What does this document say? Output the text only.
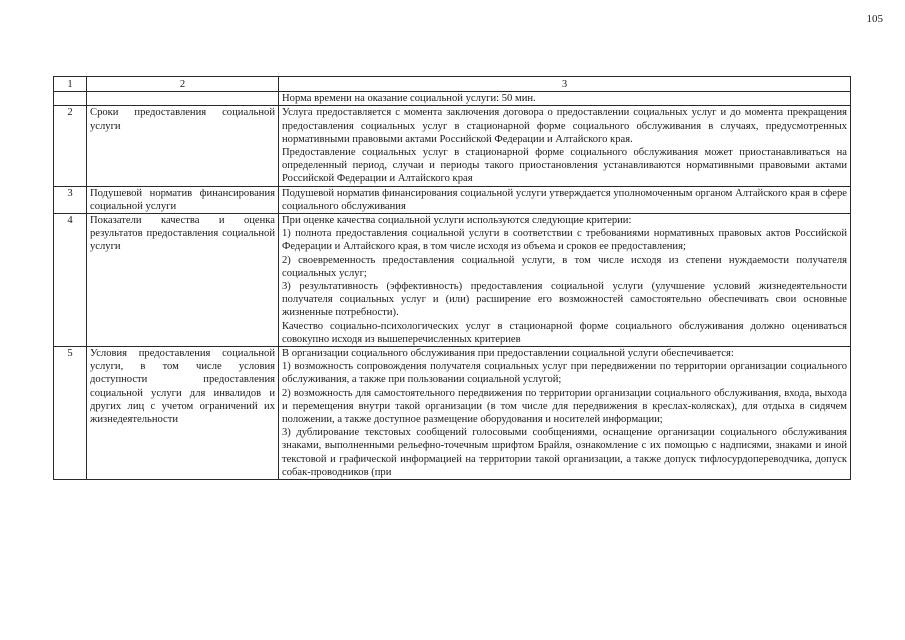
105
1	2	3
		Норма времени на оказание социальной услуги: 50 мин.
2	Сроки предоставления социальной услуги	Услуга предоставляется с момента заключения договора о предоставлении социальных услуг и до момента прекращения предоставления социальных услуг в стационарной форме социального обслуживания в случаях, предусмотренных нормативными правовыми актами Российской Федерации и Алтайского края.
Предоставление социальных услуг в стационарной форме социального обслуживания может приостанавливаться на определенный период, случаи и периоды такого приостановления устанавливаются нормативными правовыми актами Российской Федерации и Алтайского края

3	Подушевой норматив финансирования социальной услуги	Подушевой норматив финансирования социальной услуги утверждается уполномоченным органом Алтайского края в сфере социального обслуживания

4	Показатели качества и оценка результатов предоставления социальной услуги	При оценке качества социальной услуги используются следующие критерии:
1) полнота предоставления социальной услуги в соответствии с требованиями нормативных правовых актов Российской Федерации и Алтайского края, в том числе исходя из объема и сроков ее предоставления;
2) своевременность предоставления социальной услуги, в том числе исходя из степени нуждаемости получателя социальных услуг;
3) результативность (эффективность) предоставления социальной услуги (улучшение условий жизнедеятельности получателя социальных услуг и (или) расширение его возможностей самостоятельно обеспечивать свои основные жизненные потребности).
Качество социально-психологических услуг в стационарной форме социального обслуживания должно оцениваться совокупно исходя из вышеперечисленных критериев

5	Условия предоставления социальной услуги, в том числе условия доступности предоставления социальной услуги для инвалидов и других лиц с учетом ограничений их жизнедеятельности	В организации социального обслуживания при предоставлении социальной услуги обеспечивается:
1) возможность сопровождения получателя социальных услуг при передвижении по территории организации социального обслуживания, а также при пользовании социальной услугой;
2) возможность для самостоятельного передвижения по территории организации социального обслуживания, входа, выхода и перемещения внутри такой организации (в том числе для передвижения в креслах-колясках), для отдыха в сидячем положении, а также доступное размещение оборудования и носителей информации;
3) дублирование текстовых сообщений голосовыми сообщениями, оснащение организации социального обслуживания знаками, выполненными рельефно-точечным шрифтом Брайля, ознакомление с их помощью с надписями, знаками и иной текстовой и графической информацией на территории такой организации, а также допуск тифлосурдопереводчика, допуск собак-проводников (при
